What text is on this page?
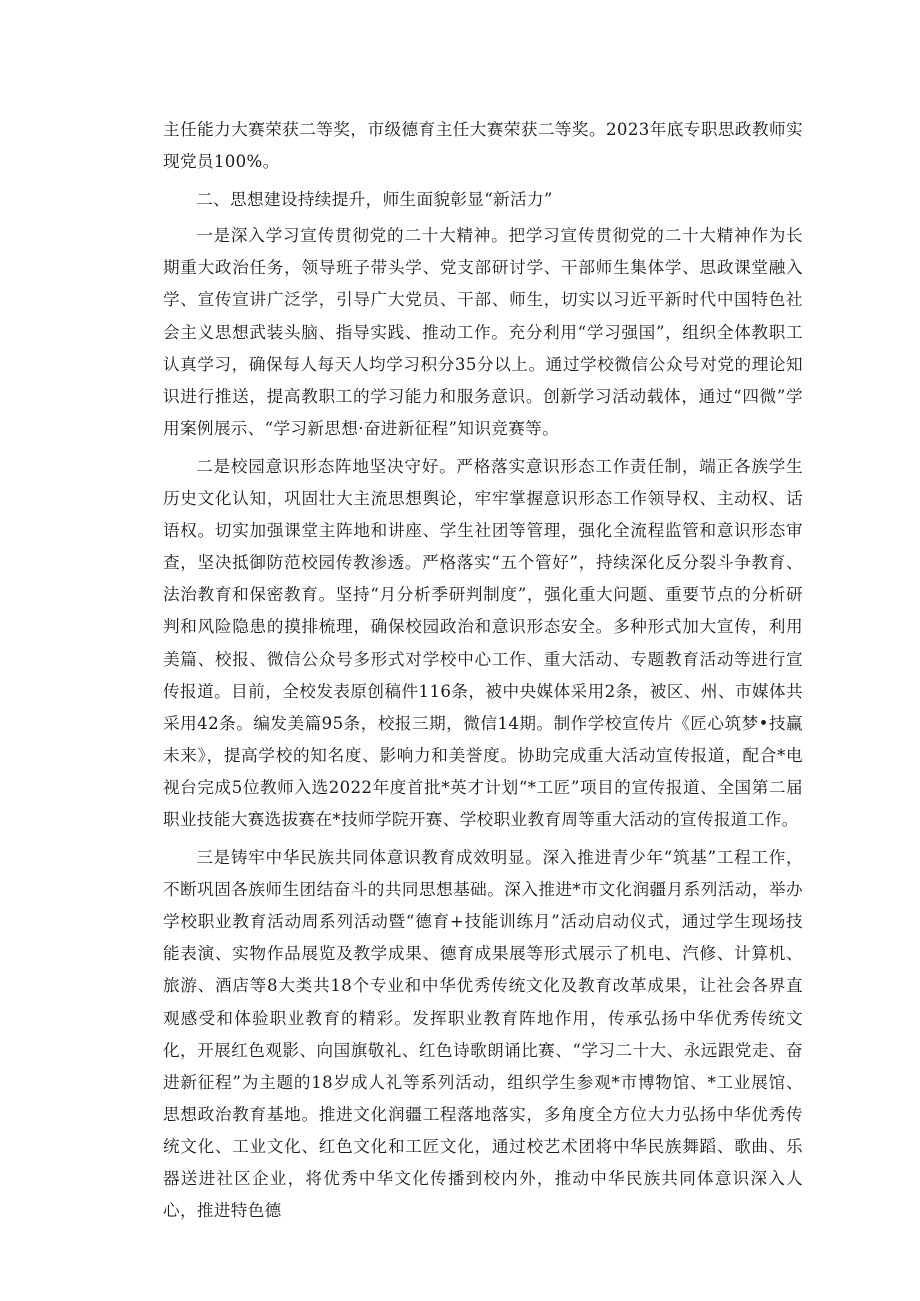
主任能力大赛荣获二等奖，市级德育主任大赛荣获二等奖。2023年底专职思政教师实现党员100%。

二、思想建设持续提升，师生面貌彰显“新活力”

一是深入学习宣传贯彻党的二十大精神。把学习宣传贯彻党的二十大精神作为长期重大政治任务，领导班子带头学、党支部研讨学、干部师生集体学、思政课堂融入学、宣传宣讲广泛学，引导广大党员、干部、师生，切实以习近平新时代中国特色社会主义思想武装头脑、指导实践、推动工作。充分利用“学习强国”，组织全体教职工认真学习，确保每人每天人均学习积分35分以上。通过学校微信公众号对党的理论知识进行推送，提高教职工的学习能力和服务意识。创新学习活动载体，通过“四微”学用案例展示、“学习新思想·奋进新征程”知识竞赛等。

二是校园意识形态阵地坚决守好。严格落实意识形态工作责任制，端正各族学生历史文化认知，巩固壮大主流思想舆论，牢牢掌握意识形态工作领导权、主动权、话语权。切实加强课堂主阵地和讲座、学生社团等管理，强化全流程监管和意识形态审查，坚决抵御防范校园传教渗透。严格落实“五个管好”，持续深化反分裂斗争教育、法治教育和保密教育。坚持“月分析季研判制度”，强化重大问题、重要节点的分析研判和风险隐患的摸排梳理，确保校园政治和意识形态安全。多种形式加大宣传，利用美篇、校报、微信公众号多形式对学校中心工作、重大活动、专题教育活动等进行宣传报道。目前，全校发表原创稿件116条，被中央媒体采用2条，被区、州、市媒体共采用42条。编发美篇95条，校报三期，微信14期。制作学校宣传片《匠心筑梦•技赢未来》，提高学校的知名度、影响力和美誉度。协助完成重大活动宣传报道，配合*电视台完成5位教师入选2022年度首批*英才计划“*工匠”项目的宣传报道、全国第二届职业技能大赛选拔赛在*技师学院开赛、学校职业教育周等重大活动的宣传报道工作。

三是铸牢中华民族共同体意识教育成效明显。深入推进青少年“筑基”工程工作，不断巩固各族师生团结奋斗的共同思想基础。深入推进*市文化润疆月系列活动，举办学校职业教育活动周系列活动暨“德育+技能训练月”活动启动仪式，通过学生现场技能表演、实物作品展览及教学成果、德育成果展等形式展示了机电、汽修、计算机、旅游、酒店等8大类共18个专业和中华优秀传统文化及教育改革成果，让社会各界直观感受和体验职业教育的精彩。发挥职业教育阵地作用，传承弘扬中华优秀传统文化，开展红色观影、向国旗敬礼、红色诗歌朗诵比赛、“学习二十大、永远跟党走、奋进新征程”为主题的18岁成人礼等系列活动，组织学生参观*市博物馆、*工业展馆、思想政治教育基地。推进文化润疆工程落地落实，多角度全方位大力弘扬中华优秀传统文化、工业文化、红色文化和工匠文化，通过校艺术团将中华民族舞蹈、歌曲、乐器送进社区企业，将优秀中华文化传播到校内外，推动中华民族共同体意识深入人心，推进特色德
